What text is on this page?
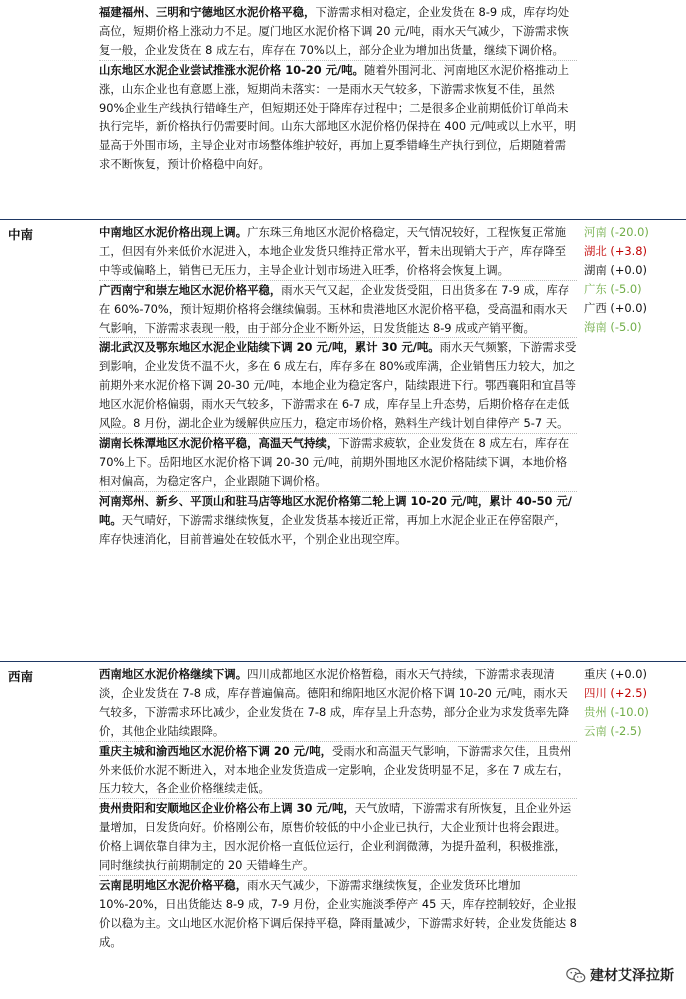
福建福州、三明和宁德地区水泥价格平稳，下游需求相对稳定，企业发货在 8-9 成，库存均处高位，短期价格上涨动力不足。厦门地区水泥价格下调 20 元/吨，雨水天气减少，下游需求恢复一般，企业发货在 8 成左右，库存在 70%以上，部分企业为增加出货量，继续下调价格。

山东地区水泥企业尝试推涨水泥价格 10-20 元/吨。随着外围河北、河南地区水泥价格推动上涨，山东企业也有意愿上涨，短期尚未落实：一是雨水天气较多，下游需求恢复不佳，虽然 90%企业生产线执行错峰生产，但短期还处于降库存过程中；二是很多企业前期低价订单尚未执行完毕，新价格执行仍需要时间。山东大部地区水泥价格仍保持在 400 元/吨或以上水平，明显高于外围市场，主导企业对市场整体维护较好，再加上夏季错峰生产执行到位，后期随着需求不断恢复，预计价格稳中向好。

中南	中南地区水泥价格出现上调。广东珠三角地区水泥价格稳定，天气情况较好，工程恢复正常施工，但因有外来低价水泥进入，本地企业发货只维持正常水平，暂未出现销大于产，库存降至中等或偏略上，销售已无压力，主导企业计划市场进入旺季，价格将会恢复上调。

广西南宁和崇左地区水泥价格平稳，雨水天气又起，企业发货受阻，日出货多在 7-9 成，库存在 60%-70%，预计短期价格将会继续偏弱。玉林和贵港地区水泥价格平稳，受高温和雨水天气影响，下游需求表现一般，由于部分企业不断外运，日发货能达 8-9 成或产销平衡。

湖北武汉及鄂东地区水泥企业陆续下调 20 元/吨，累计 30 元/吨。雨水天气频繁，下游需求受到影响，企业发货不温不火，多在 6 成左右，库存多在 80%或库满，企业销售压力较大，加之前期外来水泥价格下调 20-30 元/吨，本地企业为稳定客户，陆续跟进下行。鄂西襄阳和宜昌等地区水泥价格偏弱，雨水天气较多，下游需求在 6-7 成，库存呈上升态势，后期价格存在走低风险。8 月份，湖北企业为缓解供应压力，稳定市场价格，熟料生产线计划自律停产 5-7 天。

湖南长株潭地区水泥价格平稳，高温天气持续，下游需求疲软，企业发货在 8 成左右，库存在 70%上下。岳阳地区水泥价格下调 20-30 元/吨，前期外围地区水泥价格陆续下调，本地价格相对偏高，为稳定客户，企业跟随下调价格。

河南郑州、新乡、平顶山和驻马店等地区水泥价格第二轮上调 10-20 元/吨，累计 40-50 元/吨。天气晴好，下游需求继续恢复，企业发货基本接近正常，再加上水泥企业正在停窑限产，库存快速消化，目前普遍处在较低水平，个别企业出现空库。

河南 (-20.0)
湖北 (+3.8)
湖南 (+0.0)
广东 (-5.0)
广西 (+0.0)
海南 (-5.0)
西南	西南地区水泥价格继续下调。四川成都地区水泥价格暂稳，雨水天气持续，下游需求表现清淡，企业发货在 7-8 成，库存普遍偏高。德阳和绵阳地区水泥价格下调 10-20 元/吨，雨水天气较多，下游需求环比减少，企业发货在 7-8 成，库存呈上升态势，部分企业为求发货率先降价，其他企业陆续跟降。

重庆主城和渝西地区水泥价格下调 20 元/吨，受雨水和高温天气影响，下游需求欠佳，且贵州外来低价水泥不断进入，对本地企业发货造成一定影响，企业发货明显不足，多在 7 成左右，压力较大，各企业价格继续走低。

贵州贵阳和安顺地区企业价格公布上调 30 元/吨，天气放晴，下游需求有所恢复，且企业外运量增加，日发货向好。价格刚公布，原售价较低的中小企业已执行，大企业预计也将会跟进。价格上调依靠自律为主，因水泥价格一直低位运行，企业利润微薄，为提升盈利，积极推涨，同时继续执行前期制定的 20 天错峰生产。

云南昆明地区水泥价格平稳，雨水天气减少，下游需求继续恢复，企业发货环比增加 10%-20%，日出货能达 8-9 成，7-9 月份，企业实施淡季停产 45 天，库存控制较好，企业报价以稳为主。文山地区水泥价格下调后保持平稳，降雨量减少，下游需求好转，企业发货能达 8 成。

重庆 (+0.0)
四川 (+2.5)
贵州 (-10.0)
云南 (-2.5)
建材艾泽拉斯
